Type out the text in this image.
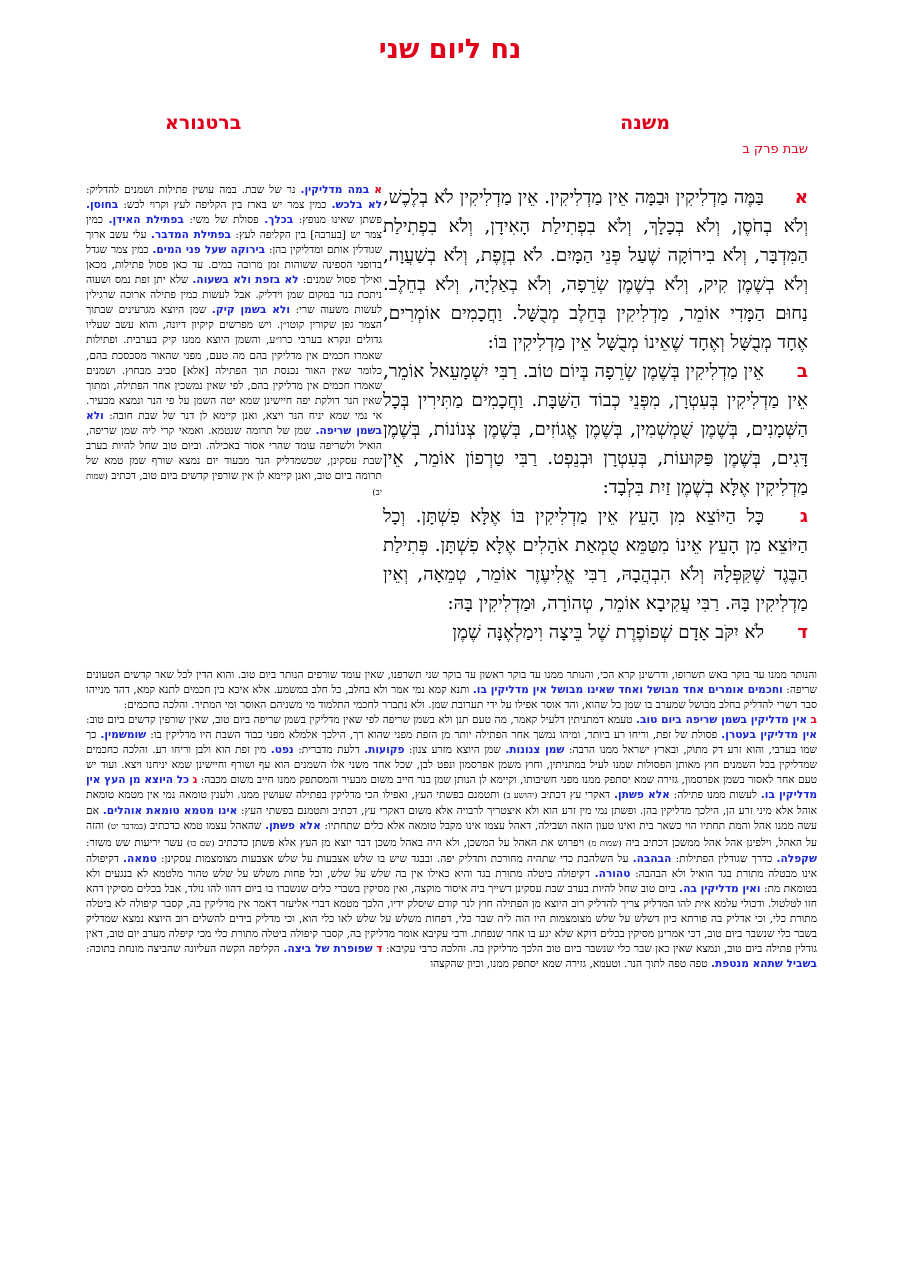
נח ליום שני
משנה
ברטנורא
שבת פרק ב

אבַּמֶּה מַדְלִיקִין וּבַמָּה אֵין מַדְלִיקִין. אֵין מַדְלִיקִין לֹא בְלֶכֶשׁ, וְלֹא בְחֹסֶן, וְלֹא בְכָלָךְ, וְלֹא בִפְתִילַת הָאִידָן, וְלֹא בִפְתִילַת הַמִּדְבָּר, וְלֹא בִירוֹקָה שֶׁעַל פְּנֵי הַמָּיִם. לֹא בְזֶפֶת, וְלֹא בְשַׁעֲוָה, וְלֹא בְשֶׁמֶן קִיק, וְלֹא בְשֶׁמֶן שְׂרֵפָה, וְלֹא בְאַלְיָה, וְלֹא בְחֵלֶב. נַחוּם הַמָּדִי אוֹמֵר, מַדְלִיקִין בְּחֵלֶב מְבֻשָּׁל. וַחֲכָמִים אוֹמְרִים, אֶחָד מְבֻשָּׁל וְאֶחָד שֶׁאֵינוֹ מְבֻשָּׁל אֵין מַדְלִיקִין בּוֹ:

באֵין מַדְלִיקִין בְּשֶׁמֶן שְׂרֵפָה בְּיוֹם טוֹב. רַבִּי יִשְׁמָעֵאל אוֹמֵר, אֵין מַדְלִיקִין בְּעִטְרָן, מִפְּנֵי כְבוֹד הַשַּׁבָּת. וַחֲכָמִים מַתִּירִין בְּכָל הַשְּׁמָנִים, בְּשֶׁמֶן שֻׁמְשְׁמִין, בְּשֶׁמֶן אֱגוֹזִים, בְּשֶׁמֶן צְנוֹנוֹת, בְּשֶׁמֶן דָּגִים, בְּשֶׁמֶן פַּקּוּעוֹת, בְּעִטְרָן וּבְנֵפְט. רַבִּי טַרְפוֹן אוֹמֵר, אֵין מַדְלִיקִין אֶלָּא בְשֶׁמֶן זַיִת בִּלְבָד:

גכָּל הַיּוֹצֵא מִן הָעֵץ אֵין מַדְלִיקִין בּוֹ אֶלָּא פִשְׁתָּן. וְכָל הַיּוֹצֵא מִן הָעֵץ אֵינוֹ מִטַּמֵּא טֻמְאַת אֹהָלִים אֶלָּא פִשְׁתָּן. פְּתִילַת הַבֶּגֶד שֶׁקִּפְּלָהּ וְלֹא הִבְהֲבָהּ, רַבִּי אֱלִיעֶזֶר אוֹמֵר, טְמֵאָה, וְאֵין מַדְלִיקִין בָּהּ. רַבִּי עֲקִיבָא אוֹמֵר, טְהוֹרָה, וּמַדְלִיקִין בָּהּ:

דלֹא יִקֹּב אָדָם שְׁפוֹפֶרֶת שֶׁל בֵּיצָה וִימַלְאֶנָּה שֶׁמֶן

א במה מדליקין. נר של שבת. במה עושין פתילות ושמנים להדליק: לא בלכש. כמין צמר יש בארז בין הקליפה לעץ וקרוי לכש: בחוסן. פשתן שאינו מנופץ: בכלך. פסולת של משי: בפתילת האידן. כמין צמר יש [בערבה] בין הקליפה לעץ: בפתילת המדבר. עלי עשב ארוך שגודלין אותם ומדליקין בהן: בירוקה שעל פני המים. כמין צמר שגדל בדופני הספינה ששוהות זמן מרובה במים. עד כאן פסול פתילות, מכאן ואילך פסול שמנים: לא בזפת ולא בשעוה. שלא יתן זפת נמס ושעוה ניתכת בנר במקום שמן ויד‏ליק. אבל לעשות כמין פתילה ארוכה שרגילין לעשות משעוה שרי: ולא בשמן קיק. שמן היוצא מגרעינים שבתוך הצמר גפן שקורין קוטו״ן. ויש מפרשים קיקיון דיונה, והוא עשב שעליו גדולים ונקרא בערבי כרו״ע, והשמן היוצא ממנו קיק בערבית. ופתילות שאמרו חכמים אין מדליקין בהם מה טעם, מפני שהאור מסכסכת בהם, כלומר שאין האור נכנסת תוך הפתילה [אלא] סביב מבחוץ. ושמנים שאמרו חכמים אין מדליקין בהם, לפי שאין נמשכין אחר הפתילה, ומתוך שאין הנר דולקת יפה חיישינן שמא יטה השמן על פי הנר ונמצא מבעיר. אי נמי שמא יניח הנר ויצא, ואנן קיימא לן דנר של שבת חובה: ולא בשמן שריפה. שמן של תרומה שנטמא. ואמאי קרי ליה שמן שריפה, הואיל ולשריפה עומד שהרי אסור באכילה. וביום טוב שחל להיות בערב שבת עסקינן, שכשמדליק הנר מבעוד יום נמצא שורף שמן טמא של תרומה ביום טוב, ואנן קיימא לן אין שורפין קדשים ביום טוב, דכתיב (שמות יב)

והנותר ממנו עד בוקר באש תשרופו, ודרשינן קרא הכי, והנותר ממנו עד בוקר ראשון עד בוקר שני תשרפנו, שאין עומד שורפים הנותר ביום טוב. והוא הדין לכל שאר קדשים הטעונים שריפה: וחכמים אומרים אחד מבושל ואחד שאינו מבושל אין מדליקין בו. ותנא קמא נמי אמר ולא בחלב, כל חלב במשמע. אלא איכא בין חכמים לתנא קמא, דהד מנייהו סבר דשרי להדליק בחלב מבושל שמערב בו שמן כל שהוא, והד אוסר אפילו על ידי תערובת שמן. ולא נתברר לחכמי התלמוד מי משניהם האוסר ומי המתיר. והלכה כחכמים:

ב אין מדליקין בשמן שריפה ביום טוב. טעמא דמתניתין דלעיל קאמר, מה טעם תנן ולא בשמן שריפה לפי שאין מדליקין בשמן שריפה ביום טוב, שאין שורפין קדשים ביום טוב: אין מדליקין בעטרן. פסולת של זפת, וריחו רע ביותר, ומיהו נמשך אחר הפתילה יותר מן הזפת מפני שהוא רך, הילכך אלמלא מפני כבוד השבת היו מדליקין בו: שומשמין. כך שמו בערבי, והוא זרע דק מתוק, ובארץ ישראל ממנו הרבה: שמן צנונות. שמן היוצא מזרע צנון: פקועות. דלעת מדברית: נפט. מין זפת הוא ולבן וריחו רע. והלכה כחכמים שמדליקין בכל השמנים חוץ מאותן הפסולות שמנו לעיל במתניתין, וחוץ משמן אפרסמון ונפט לבן, שכל אחד משני אלו השמנים הוא עף ושורף וחיישינן שמא יניחנו ויצא. ועוד יש טעם אחר לאסור בשמן אפרסמון, גזירה שמא יסתפק ממנו מפני חשיבותו, וקיימא לן הנותן שמן בנר חייב משום מבעיר והמסתפק ממנו חייב משום מכבה: ג כל היוצא מן העץ אין מדליקין בו. לעשות ממנו פתילה: אלא פשתן. דאקרי עץ דכתיב (יהושע ב) ותטמנם בפשתי העץ, ואפילו הכי מדליקין בפתילה שעושין ממנו. ולענין טומאה נמי אין מטמא טומאת אוהל אלא מיני זרע הן, הילכך מדליקין בהן. ופשתן נמי מין זרע הוא ולא איצטריך לרבויה אלא משום דאקרי עץ, דכתיב ותטמנם בפשתי העץ: אינו מטמא טומאת אוהלים. אם עשה ממנו אהל והמת תחתיו הוי כשאר בית ואינו טעון הזאה ושבילה, דאהל עצמו אינו מקבל טומאה אלא כלים שתחתיו: אלא פשתן. שהאהל עצמו טמא כדכתיב (במדבר יט) והזה על האהל, וילפינן אהל אהל ממשכן דכתיב ביה (שמות מ) ויפרוש את האהל על המשכן, ולא היה באהל משכן דבר יוצא מן העץ אלא פשתן כדכתיב (שם כו) עשר יריעות שש משזר: שקפלה. כדרך שגודלין הפתילות: הבהבה. על השלהבת כדי שתהיה מחורכת ותדליק יפה. ובבגד שיש בו שלש אצבעות על שלש אצבעות מצומצמות עסקינן: טמאה. דקיפולה אינו מבטלה מתורת בגד הואיל ולא הבהבה: טהורה. דקיפולה ביטלה מתורת בגד והיא כאילו אין בה שלש על שלש, וכל פחות משלש על שלש טהור מלטמא לא בנגעים ולא בטומאת מת: ואין מדליקין בה. ביום טוב שחל להיות בערב שבת עסקינן דשייך ביה איסור מוקצה, ואין מסיקין בשברי כלים שנשברו בו ביום דהוו להו נולד, אבל בכלים מסיקין דהא חזו לטלטול. ודכולי עלמא אית להו המדליק צריך להדליק רוב היוצא מן הפתילה חוץ לנר קודם שיסלק ידיו, הלכך מטמא דברי אליעזר דאמר אין מדליקין בה, קסבר קיפולה לא ביטלה מתורת כלי, וכי אדליק בה פורתא כיון דשלש על שלש מצומצמות היו הוה ליה שבר כלי, דפחות משלש על שלש לאו כלי הוא, וכי מדליק בידים להשלים רוב היוצא נמצא שמדליק בשבר כלי שנשבר ביום טוב, דכי אמרינן מסיקין בכלים דוקא שלא יגע בו אחר שנפחת. ורבי עקיבא אומר מדליקין בה, קסבר קיפולה ביטלה מתורת כלי מכי קיפלה מערב יום טוב, דאין גודלין פתילה ביום טוב, ונמצא שאין כאן שבר כלי שנשבר ביום טוב הלכך מדליקין בה. והלכה כרבי עקיבא: ד שפופרת של ביצה. הקליפה הקשה העליונה שהביצה מונחת בתוכה: בשביל שתהא מנטפת. טפה טפה לתוך הנר. וטעמא, גזירה שמא יסתפק ממנו, וכיון שהקצהו
